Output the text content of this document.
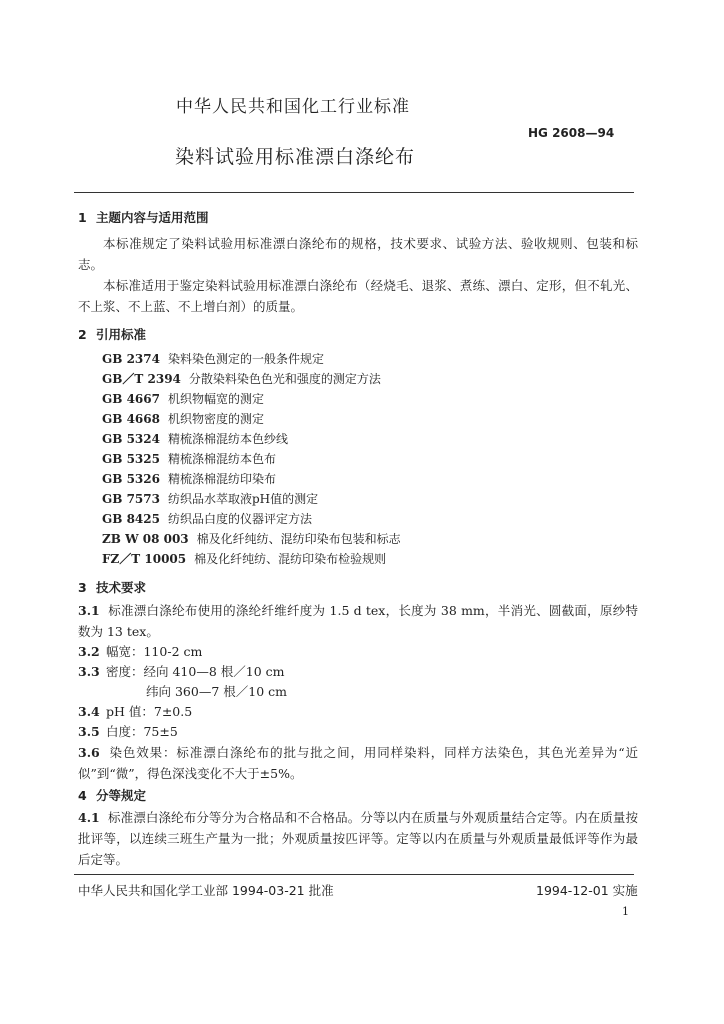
中华人民共和国化工行业标准
HG 2608—94
染料试验用标准漂白涤纶布
1 主题内容与适用范围
本标准规定了染料试验用标准漂白涤纶布的规格，技术要求、试验方法、验收规则、包装和标志。
本标准适用于鉴定染料试验用标准漂白涤纶布（经烧毛、退浆、煮练、漂白、定形，但不轧光、不上浆、不上蓝、不上增白剂）的质量。
2 引用标准
GB 2374 染料染色测定的一般条件规定
GB／T 2394 分散染料染色色光和强度的测定方法
GB 4667 机织物幅宽的测定
GB 4668 机织物密度的测定
GB 5324 精梳涤棉混纺本色纱线
GB 5325 精梳涤棉混纺本色布
GB 5326 精梳涤棉混纺印染布
GB 7573 纺织品水萃取液pH值的测定
GB 8425 纺织品白度的仪器评定方法
ZB W 08 003 棉及化纤纯纺、混纺印染布包装和标志
FZ／T 10005 棉及化纤纯纺、混纺印染布检验规则
3 技术要求
3.1 标准漂白涤纶布使用的涤纶纤维纤度为 1.5 d tex，长度为 38 mm，半消光、圆截面，原纱特数为 13 tex。
3.2 幅宽：110-2 cm
3.3 密度：经向 410—8 根／10 cm
纬向 360—7 根／10 cm
3.4 pH 值：7±0.5
3.5 白度：75±5
3.6 染色效果：标准漂白涤纶布的批与批之间，用同样染料，同样方法染色，其色光差异为“近似”到“微”，得色深浅变化不大于±5%。
4 分等规定
4.1 标准漂白涤纶布分等分为合格品和不合格品。分等以内在质量与外观质量结合定等。内在质量按批评等，以连续三班生产量为一批；外观质量按匹评等。定等以内在质量与外观质量最低评等作为最后定等。
中华人民共和国化学工业部 1994-03-21 批准	1994-12-01 实施
1
